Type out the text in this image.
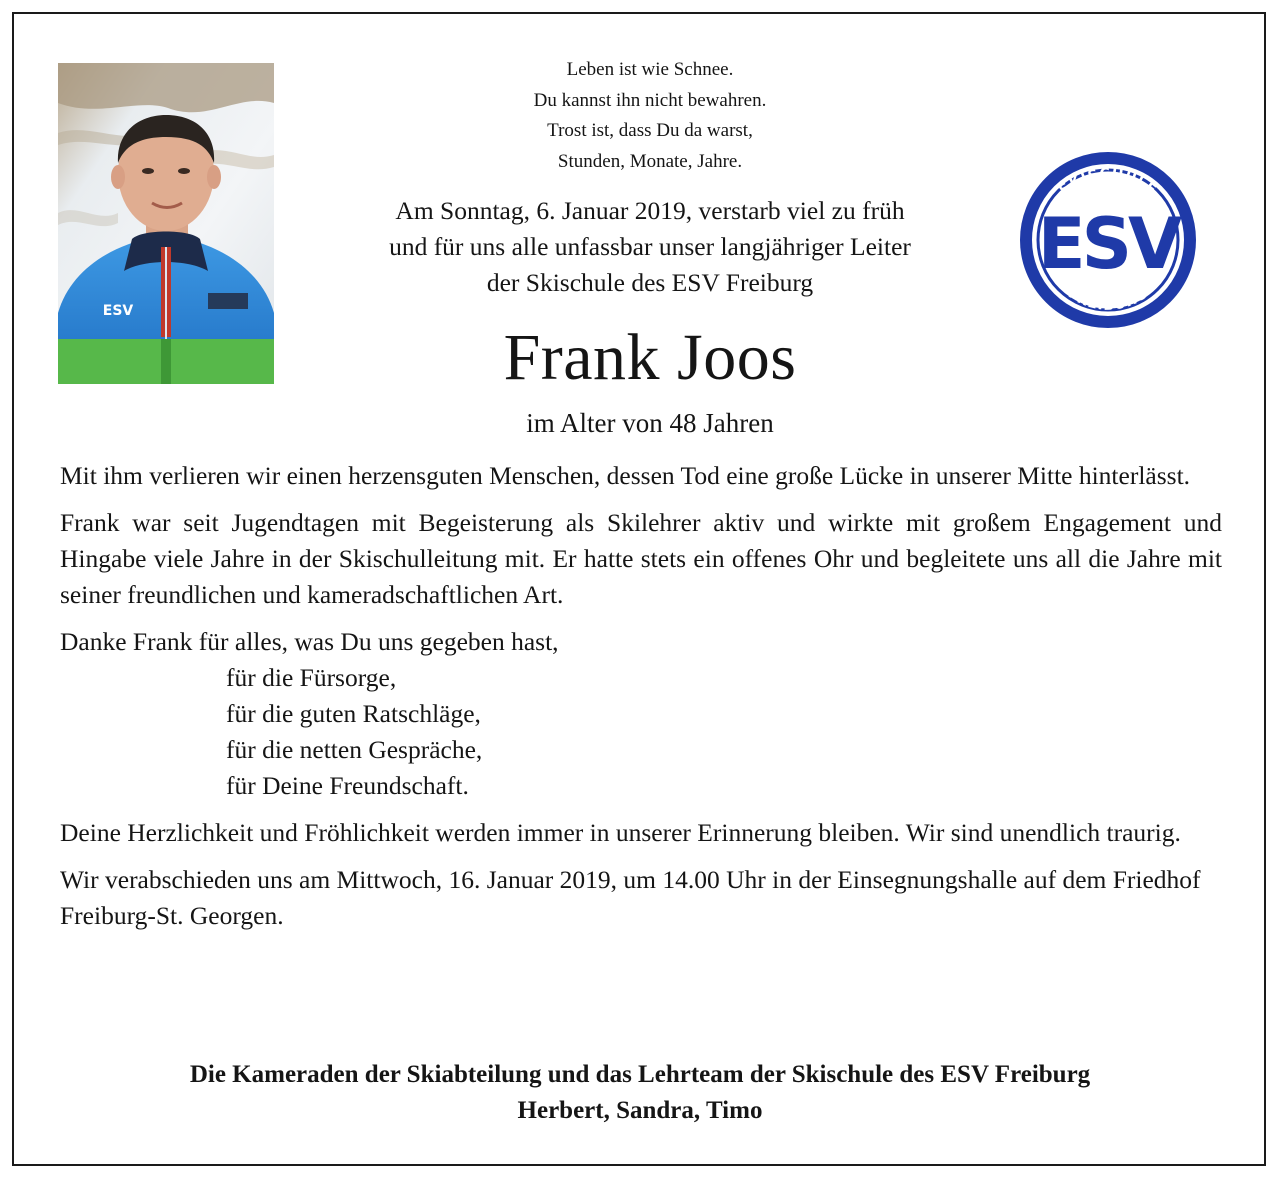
ESV
SKISCHULE
FREIBURG
ESV
Leben ist wie Schnee.
Du kannst ihn nicht bewahren.
Trost ist, dass Du da warst,
Stunden, Monate, Jahre.
Am Sonntag, 6. Januar 2019, verstarb viel zu früh
und für uns alle unfassbar unser langjähriger Leiter
der Skischule des ESV Freiburg
Frank Joos
im Alter von 48 Jahren

Mit ihm verlieren wir einen herzensguten Menschen, dessen Tod eine große Lücke in unserer Mitte hinterlässt.

Frank war seit Jugendtagen mit Begeisterung als Skilehrer aktiv und wirkte mit großem Engagement und Hingabe viele Jahre in der Skischulleitung mit. Er hatte stets ein offenes Ohr und begleitete uns all die Jahre mit seiner freundlichen und kameradschaftlichen Art.

Danke Frank für alles, was Du uns gegeben hast,
für die Fürsorge,
für die guten Ratschläge,
für die netten Gespräche,
für Deine Freundschaft.

Deine Herzlichkeit und Fröhlichkeit werden immer in unserer Erinnerung bleiben. Wir sind unendlich traurig.

Wir verabschieden uns am Mittwoch, 16. Januar 2019, um 14.00 Uhr in der Einsegnungshalle auf dem Friedhof Freiburg-St. Georgen.

Die Kameraden der Skiabteilung und das Lehrteam der Skischule des ESV Freiburg
Herbert, Sandra, Timo
